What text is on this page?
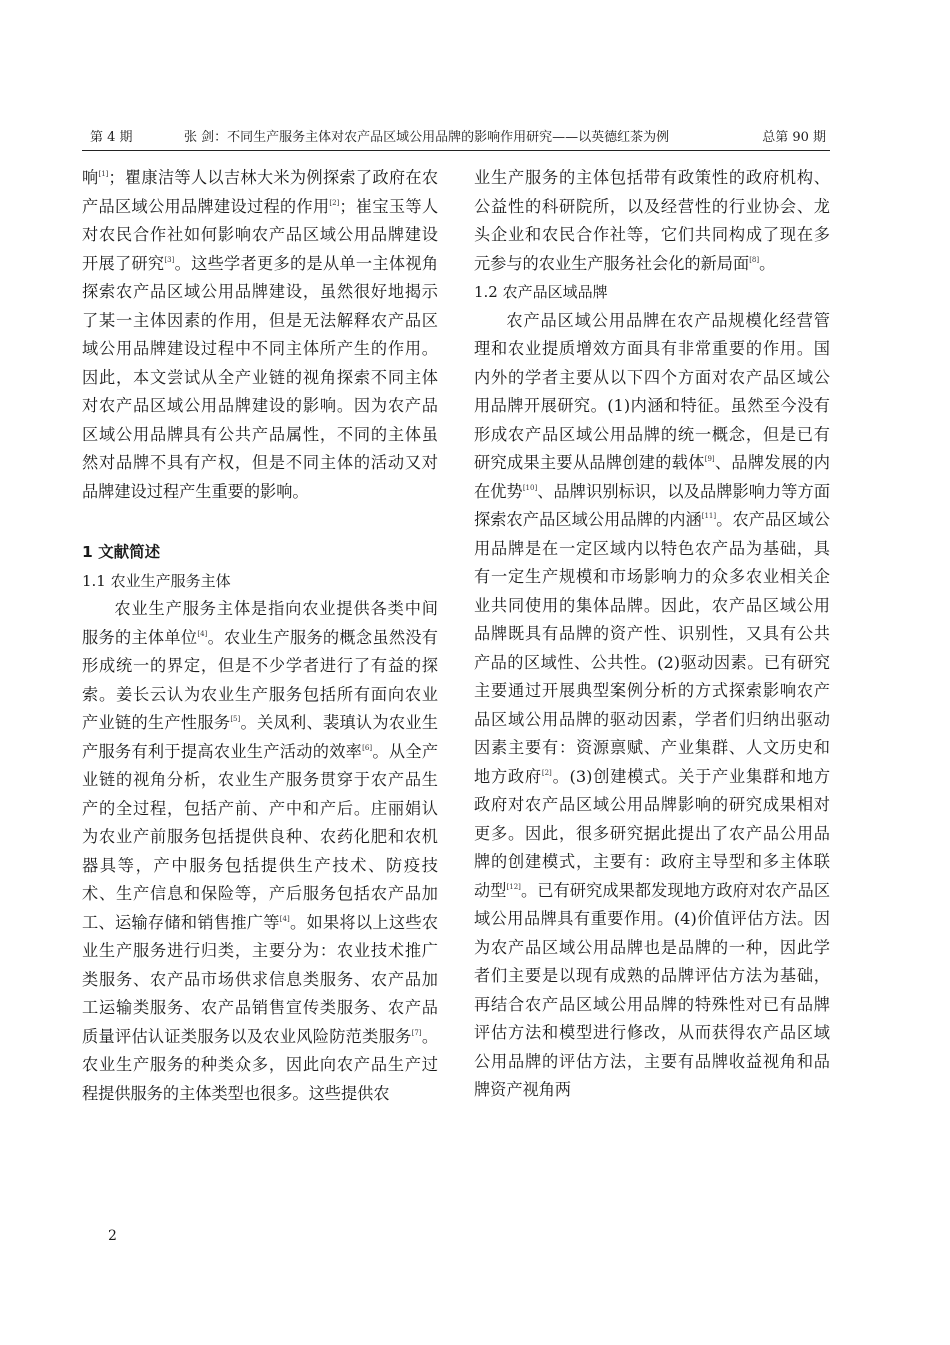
第 4 期	张 剑：不同生产服务主体对农产品区域公用品牌的影响作用研究——以英德红茶为例	总第 90 期

响[1]；瞿康洁等人以吉林大米为例探索了政府在农产品区域公用品牌建设过程的作用[2]；崔宝玉等人对农民合作社如何影响农产品区域公用品牌建设开展了研究[3]。这些学者更多的是从单一主体视角探索农产品区域公用品牌建设，虽然很好地揭示了某一主体因素的作用，但是无法解释农产品区域公用品牌建设过程中不同主体所产生的作用。因此，本文尝试从全产业链的视角探索不同主体对农产品区域公用品牌建设的影响。因为农产品区域公用品牌具有公共产品属性，不同的主体虽然对品牌不具有产权，但是不同主体的活动又对品牌建设过程产生重要的影响。

1 文献简述

1.1 农业生产服务主体

农业生产服务主体是指向农业提供各类中间服务的主体单位[4]。农业生产服务的概念虽然没有形成统一的界定，但是不少学者进行了有益的探索。姜长云认为农业生产服务包括所有面向农业产业链的生产性服务[5]。关凤利、裴瑱认为农业生产服务有利于提高农业生产活动的效率[6]。从全产业链的视角分析，农业生产服务贯穿于农产品生产的全过程，包括产前、产中和产后。庄丽娟认为农业产前服务包括提供良种、农药化肥和农机器具等，产中服务包括提供生产技术、防疫技术、生产信息和保险等，产后服务包括农产品加工、运输存储和销售推广等[4]。如果将以上这些农业生产服务进行归类，主要分为：农业技术推广类服务、农产品市场供求信息类服务、农产品加工运输类服务、农产品销售宣传类服务、农产品质量评估认证类服务以及农业风险防范类服务[7]。农业生产服务的种类众多，因此向农产品生产过程提供服务的主体类型也很多。这些提供农

业生产服务的主体包括带有政策性的政府机构、公益性的科研院所，以及经营性的行业协会、龙头企业和农民合作社等，它们共同构成了现在多元参与的农业生产服务社会化的新局面[8]。

1.2 农产品区域品牌

农产品区域公用品牌在农产品规模化经营管理和农业提质增效方面具有非常重要的作用。国内外的学者主要从以下四个方面对农产品区域公用品牌开展研究。(1)内涵和特征。虽然至今没有形成农产品区域公用品牌的统一概念，但是已有研究成果主要从品牌创建的载体[9]、品牌发展的内在优势[10]、品牌识别标识，以及品牌影响力等方面探索农产品区域公用品牌的内涵[11]。农产品区域公用品牌是在一定区域内以特色农产品为基础，具有一定生产规模和市场影响力的众多农业相关企业共同使用的集体品牌。因此，农产品区域公用品牌既具有品牌的资产性、识别性，又具有公共产品的区域性、公共性。(2)驱动因素。已有研究主要通过开展典型案例分析的方式探索影响农产品区域公用品牌的驱动因素，学者们归纳出驱动因素主要有：资源禀赋、产业集群、人文历史和地方政府[2]。(3)创建模式。关于产业集群和地方政府对农产品区域公用品牌影响的研究成果相对更多。因此，很多研究据此提出了农产品公用品牌的创建模式，主要有：政府主导型和多主体联动型[12]。已有研究成果都发现地方政府对农产品区域公用品牌具有重要作用。(4)价值评估方法。因为农产品区域公用品牌也是品牌的一种，因此学者们主要是以现有成熟的品牌评估方法为基础，再结合农产品区域公用品牌的特殊性对已有品牌评估方法和模型进行修改，从而获得农产品区域公用品牌的评估方法，主要有品牌收益视角和品牌资产视角两

2
